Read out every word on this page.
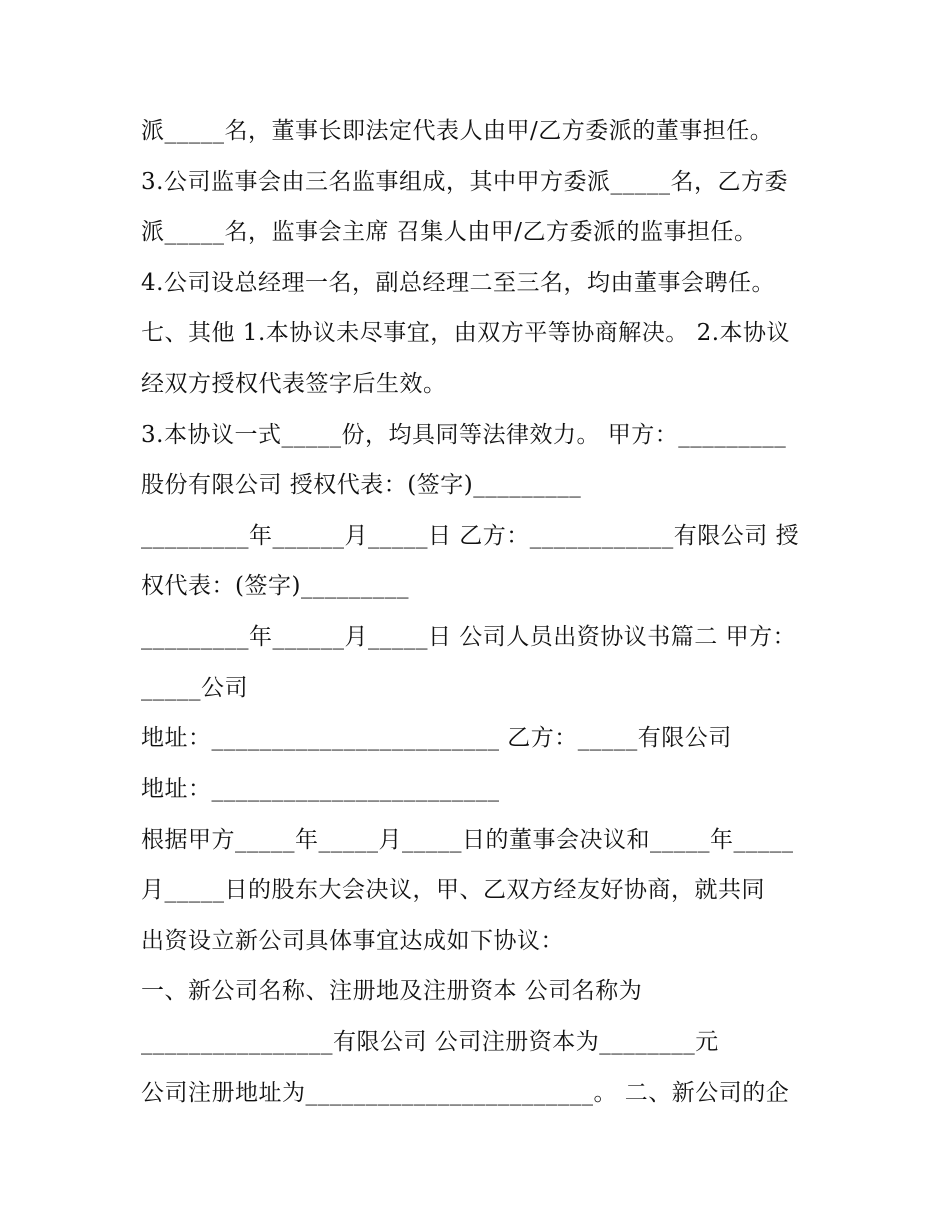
派_____名，董事长即法定代表人由甲/乙方委派的董事担任。
3.公司监事会由三名监事组成，其中甲方委派_____名，乙方委
派_____名，监事会主席 召集人由甲/乙方委派的监事担任。
4.公司设总经理一名，副总经理二至三名，均由董事会聘任。
七、其他 1.本协议未尽事宜，由双方平等协商解决。 2.本协议
经双方授权代表签字后生效。
3.本协议一式_____份，均具同等法律效力。 甲方：_________
股份有限公司 授权代表：(签字)_________
_________年______月_____日 乙方：____________有限公司 授
权代表：(签字)_________
_________年______月_____日 公司人员出资协议书篇二 甲方：
_____公司
地址：________________________ 乙方：_____有限公司
地址：________________________
根据甲方_____年_____月_____日的董事会决议和_____年_____
月_____日的股东大会决议，甲、乙双方经友好协商，就共同
出资设立新公司具体事宜达成如下协议：
一、新公司名称、注册地及注册资本 公司名称为
________________有限公司 公司注册资本为________元
公司注册地址为________________________。 二、新公司的企
